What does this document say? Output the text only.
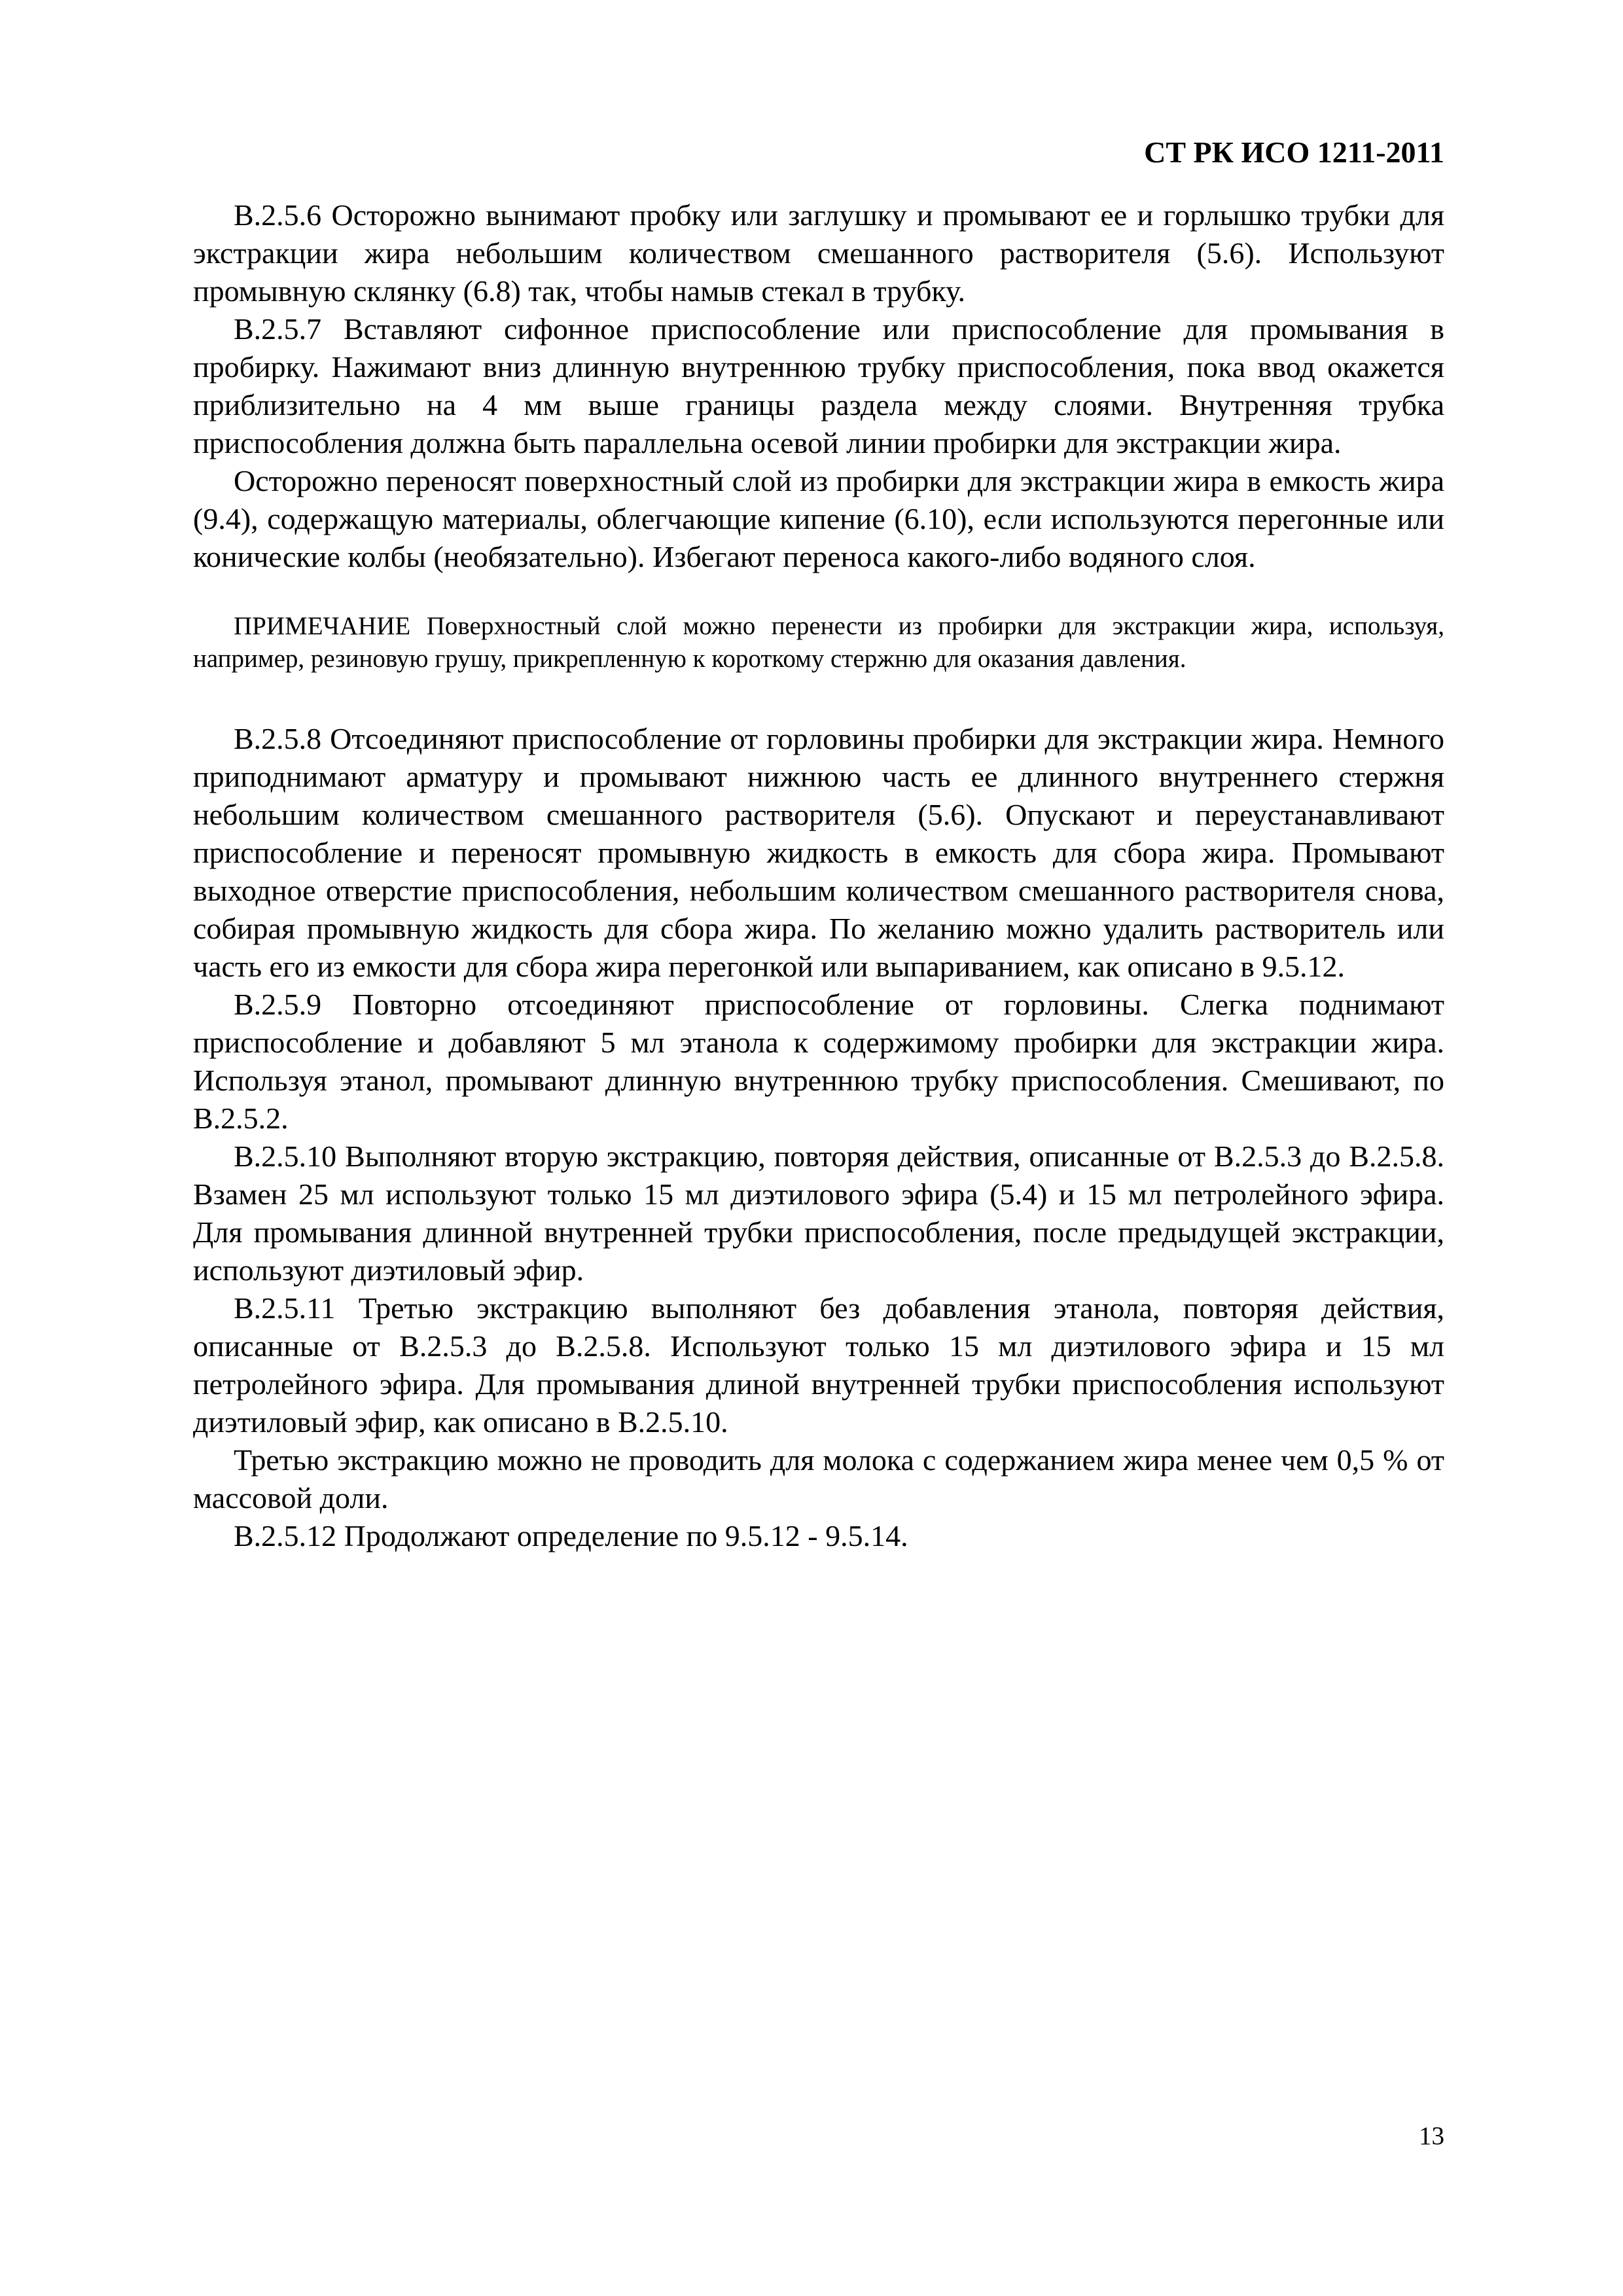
СТ РК ИСО 1211-2011

В.2.5.6 Осторожно вынимают пробку или заглушку и промывают ее и горлышко трубки для экстракции жира небольшим количеством смешанного растворителя (5.6). Используют промывную склянку (6.8) так, чтобы намыв стекал в трубку.

В.2.5.7 Вставляют сифонное приспособление или приспособление для промывания в пробирку. Нажимают вниз длинную внутреннюю трубку приспособления, пока ввод окажется приблизительно на 4 мм выше границы раздела между слоями. Внутренняя трубка приспособления должна быть параллельна осевой линии пробирки для экстракции жира.

Осторожно переносят поверхностный слой из пробирки для экстракции жира в емкость жира (9.4), содержащую материалы, облегчающие кипение (6.10), если используются перегонные или конические колбы (необязательно). Избегают переноса какого-либо водяного слоя.

ПРИМЕЧАНИЕ Поверхностный слой можно перенести из пробирки для экстракции жира, используя, например, резиновую грушу, прикрепленную к короткому стержню для оказания давления.

В.2.5.8 Отсоединяют приспособление от горловины пробирки для экстракции жира. Немного приподнимают арматуру и промывают нижнюю часть ее длинного внутреннего стержня небольшим количеством смешанного растворителя (5.6). Опускают и переустанавливают приспособление и переносят промывную жидкость в емкость для сбора жира. Промывают выходное отверстие приспособления, небольшим количеством смешанного растворителя снова, собирая промывную жидкость для сбора жира. По желанию можно удалить растворитель или часть его из емкости для сбора жира перегонкой или выпариванием, как описано в 9.5.12.

В.2.5.9 Повторно отсоединяют приспособление от горловины. Слегка поднимают приспособление и добавляют 5 мл этанола к содержимому пробирки для экстракции жира. Используя этанол, промывают длинную внутреннюю трубку приспособления. Смешивают, по В.2.5.2.

В.2.5.10 Выполняют вторую экстракцию, повторяя действия, описанные от В.2.5.3 до В.2.5.8. Взамен 25 мл используют только 15 мл диэтилового эфира (5.4) и 15 мл петролейного эфира. Для промывания длинной внутренней трубки приспособления, после предыдущей экстракции, используют диэтиловый эфир.

В.2.5.11 Третью экстракцию выполняют без добавления этанола, повторяя действия, описанные от В.2.5.3 до В.2.5.8. Используют только 15 мл диэтилового эфира и 15 мл петролейного эфира. Для промывания длиной внутренней трубки приспособления используют диэтиловый эфир, как описано в В.2.5.10.

Третью экстракцию можно не проводить для молока с содержанием жира менее чем 0,5 % от массовой доли.

В.2.5.12 Продолжают определение по 9.5.12 - 9.5.14.

13
